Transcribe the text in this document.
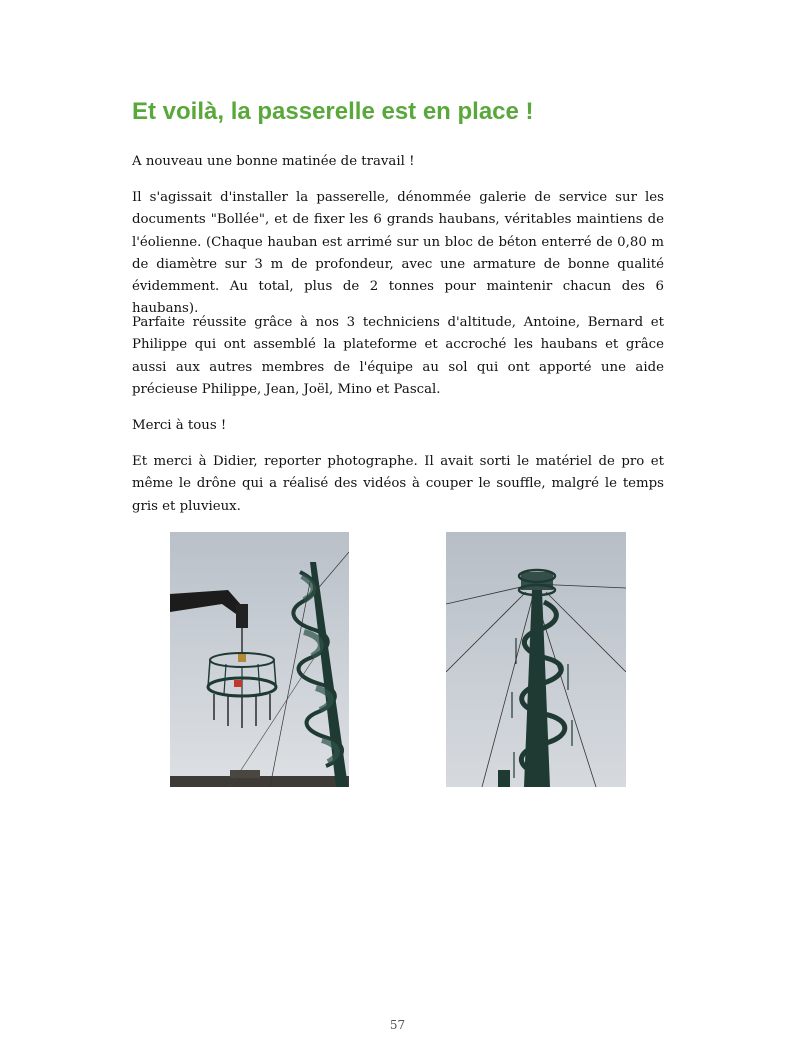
Et voilà, la passerelle est en place !

A nouveau une bonne matinée de travail !

Il s'agissait d'installer la passerelle, dénommée galerie de service sur les documents "Bollée", et de fixer les 6 grands haubans, véritables maintiens de l'éolienne. (Chaque hauban est arrimé sur un bloc de béton enterré de 0,80 m de diamètre sur 3 m de profondeur, avec une armature de bonne qualité évidemment. Au total, plus de 2 tonnes pour maintenir chacun des 6 haubans).

Parfaite réussite grâce à nos 3 techniciens d'altitude, Antoine, Bernard et Philippe qui ont assemblé la plateforme et accroché les haubans et grâce aussi aux autres membres de l'équipe au sol qui ont apporté une aide précieuse Philippe, Jean, Joël, Mino et Pascal.

Merci à tous !

Et merci à Didier, reporter photographe. Il avait sorti le matériel de pro et même le drône qui a réalisé des vidéos à couper le souffle, malgré le temps gris et pluvieux.

57
